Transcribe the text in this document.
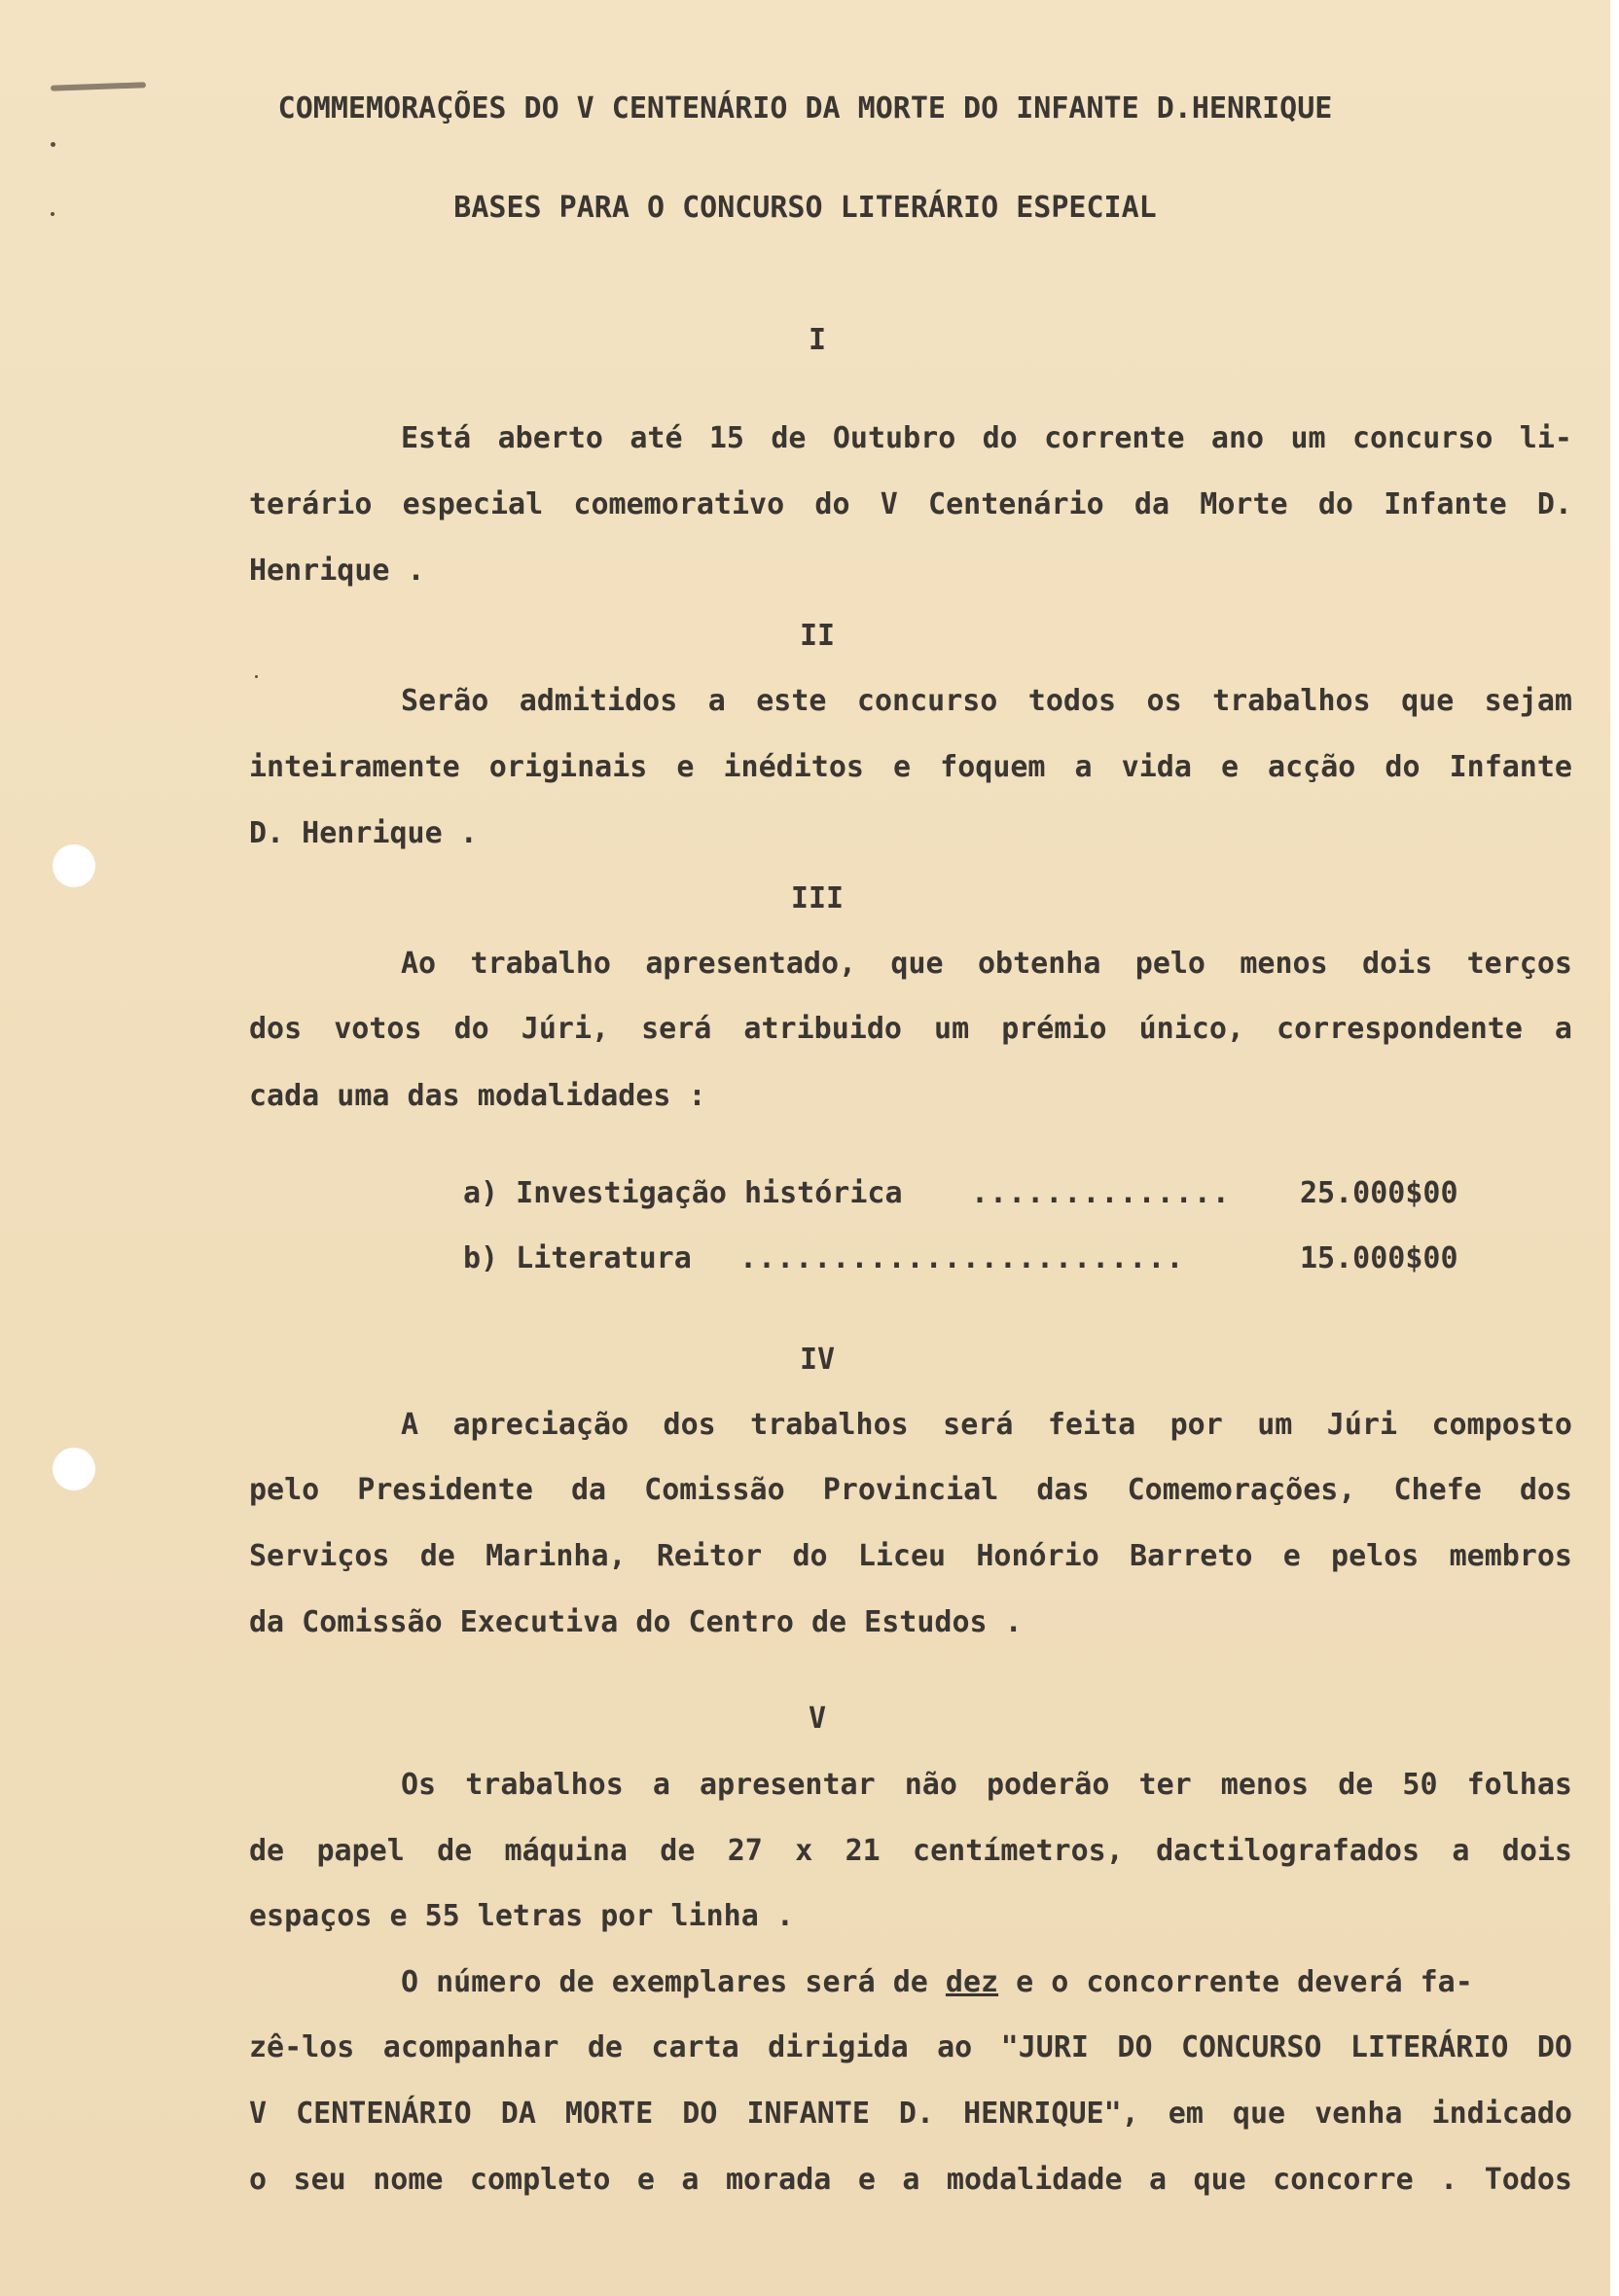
COMMEMORAÇÕES DO V CENTENÁRIO DA MORTE DO INFANTE D.HENRIQUE
BASES PARA O CONCURSO LITERÁRIO ESPECIAL
I
Está aberto até 15 de Outubro do corrente ano um concurso li-
terário especial comemorativo do V Centenário da Morte do Infante D.
Henrique .
II
Serão admitidos a este concurso todos os trabalhos que sejam
inteiramente originais e inéditos e foquem a vida e acção do Infante
D. Henrique .
III
Ao trabalho apresentado, que obtenha pelo menos dois terços
dos votos do Júri, será atribuido um prémio único, correspondente a
cada uma das modalidades :
a) Investigação histórica ..............	25.000$00
b) Literatura ........................	15.000$00
IV
A apreciação dos trabalhos será feita por um Júri composto
pelo Presidente da Comissão Provincial das Comemorações, Chefe dos
Serviços de Marinha, Reitor do Liceu Honório Barreto e pelos membros
da Comissão Executiva do Centro de Estudos .
V
Os trabalhos a apresentar não poderão ter menos de 50 folhas
de papel de máquina de 27 x 21 centímetros, dactilografados a dois
espaços e 55 letras por linha .
O número de exemplares será de dez e o concorrente deverá fa-
zê-los acompanhar de carta dirigida ao "JURI DO CONCURSO LITERÁRIO DO
V CENTENÁRIO DA MORTE DO INFANTE D. HENRIQUE", em que venha indicado
o seu nome completo e a morada e a modalidade a que concorre . Todos
